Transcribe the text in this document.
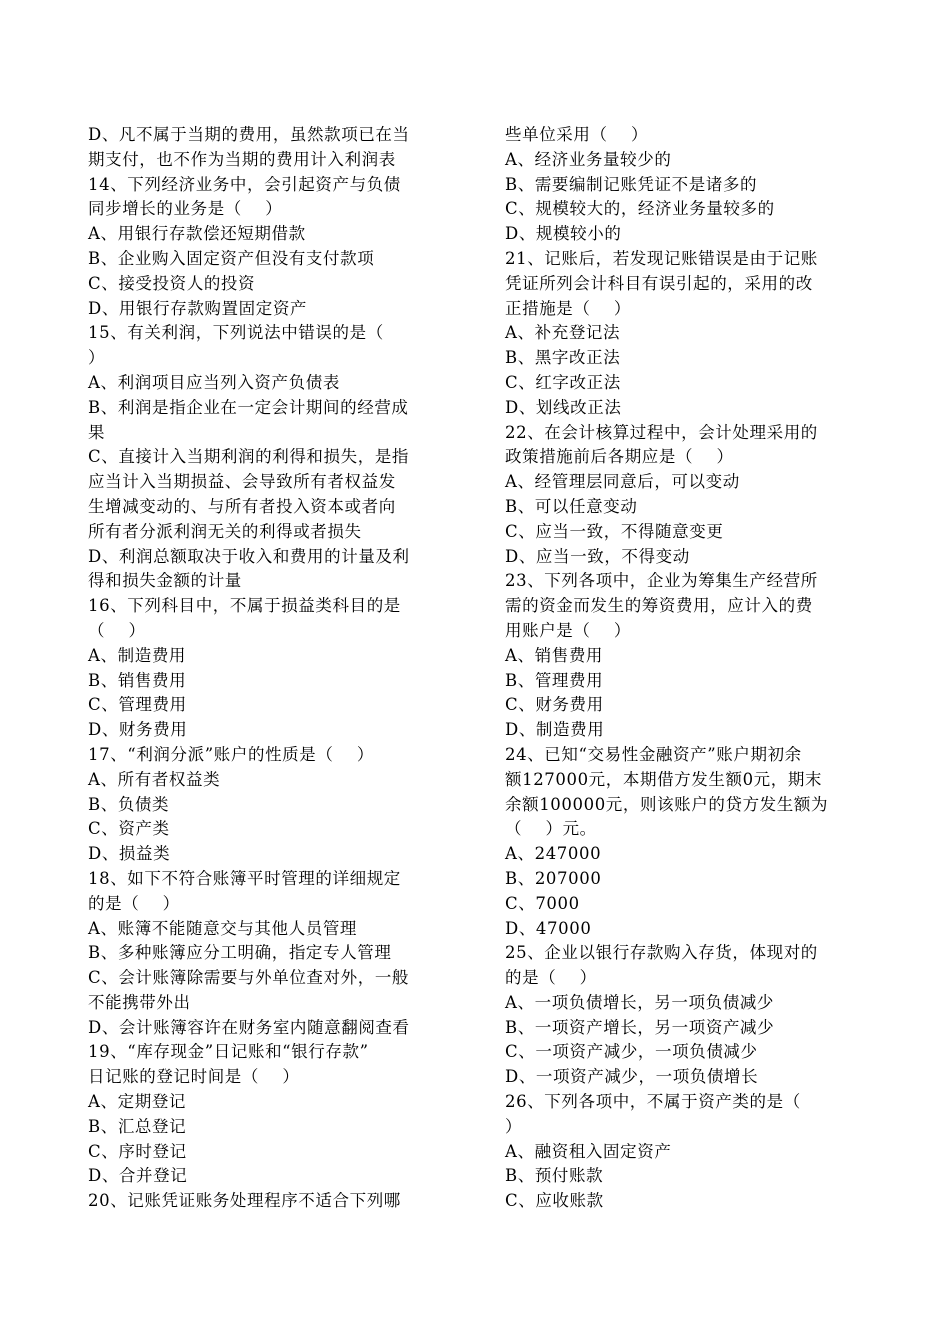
D、凡不属于当期的费用，虽然款项已在当
期支付，也不作为当期的费用计入利润表
14、下列经济业务中，会引起资产与负债
同步增长的业务是（    ）
A、用银行存款偿还短期借款
B、企业购入固定资产但没有支付款项
C、接受投资人的投资
D、用银行存款购置固定资产
15、有关利润，下列说法中错误的是（
）
A、利润项目应当列入资产负债表
B、利润是指企业在一定会计期间的经营成
果
C、直接计入当期利润的利得和损失，是指
应当计入当期损益、会导致所有者权益发
生增减变动的、与所有者投入资本或者向
所有者分派利润无关的利得或者损失
D、利润总额取决于收入和费用的计量及利
得和损失金额的计量
16、下列科目中，不属于损益类科目的是
（    ）
A、制造费用
B、销售费用
C、管理费用
D、财务费用
17、“利润分派”账户的性质是（    ）
A、所有者权益类
B、负债类
C、资产类
D、损益类
18、如下不符合账簿平时管理的详细规定
的是（    ）
A、账簿不能随意交与其他人员管理
B、多种账簿应分工明确，指定专人管理
C、会计账簿除需要与外单位查对外，一般
不能携带外出
D、会计账簿容许在财务室内随意翻阅查看
19、“库存现金”日记账和“银行存款”
日记账的登记时间是（    ）
A、定期登记
B、汇总登记
C、序时登记
D、合并登记
20、记账凭证账务处理程序不适合下列哪
些单位采用（    ）
A、经济业务量较少的
B、需要编制记账凭证不是诸多的
C、规模较大的，经济业务量较多的
D、规模较小的
21、记账后，若发现记账错误是由于记账
凭证所列会计科目有误引起的，采用的改
正措施是（    ）
A、补充登记法
B、黑字改正法
C、红字改正法
D、划线改正法
22、在会计核算过程中，会计处理采用的
政策措施前后各期应是（    ）
A、经管理层同意后，可以变动
B、可以任意变动
C、应当一致，不得随意变更
D、应当一致，不得变动
23、下列各项中，企业为筹集生产经营所
需的资金而发生的筹资费用，应计入的费
用账户是（    ）
A、销售费用
B、管理费用
C、财务费用
D、制造费用
24、已知“交易性金融资产”账户期初余
额127000元，本期借方发生额0元，期末
余额100000元，则该账户的贷方发生额为
（    ）元。
A、247000
B、207000
C、7000
D、47000
25、企业以银行存款购入存货，体现对的
的是（    ）
A、一项负债增长，另一项负债减少
B、一项资产增长，另一项资产减少
C、一项资产减少，一项负债减少
D、一项资产减少，一项负债增长
26、下列各项中，不属于资产类的是（
）
A、融资租入固定资产
B、预付账款
C、应收账款
